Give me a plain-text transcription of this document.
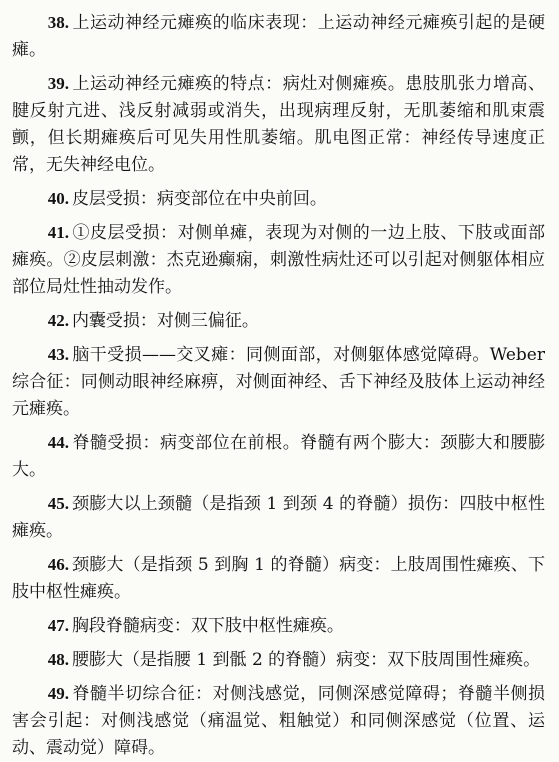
38. 上运动神经元瘫痪的临床表现：上运动神经元瘫痪引起的是硬瘫。

39. 上运动神经元瘫痪的特点：病灶对侧瘫痪。患肢肌张力增高、腱反射亢进、浅反射减弱或消失，出现病理反射，无肌萎缩和肌束震颤，但长期瘫痪后可见失用性肌萎缩。肌电图正常：神经传导速度正常，无失神经电位。

40. 皮层受损：病变部位在中央前回。

41. ①皮层受损：对侧单瘫，表现为对侧的一边上肢、下肢或面部瘫痪。②皮层刺激：杰克逊癫痫，刺激性病灶还可以引起对侧躯体相应部位局灶性抽动发作。

42. 内囊受损：对侧三偏征。

43. 脑干受损——交叉瘫：同侧面部，对侧躯体感觉障碍。Weber 综合征：同侧动眼神经麻痹，对侧面神经、舌下神经及肢体上运动神经元瘫痪。

44. 脊髓受损：病变部位在前根。脊髓有两个膨大：颈膨大和腰膨大。

45. 颈膨大以上颈髓（是指颈 1 到颈 4 的脊髓）损伤：四肢中枢性瘫痪。

46. 颈膨大（是指颈 5 到胸 1 的脊髓）病变：上肢周围性瘫痪、下肢中枢性瘫痪。

47. 胸段脊髓病变：双下肢中枢性瘫痪。

48. 腰膨大（是指腰 1 到骶 2 的脊髓）病变：双下肢周围性瘫痪。

49. 脊髓半切综合征：对侧浅感觉，同侧深感觉障碍；脊髓半侧损害会引起：对侧浅感觉（痛温觉、粗触觉）和同侧深感觉（位置、运动、震动觉）障碍。
